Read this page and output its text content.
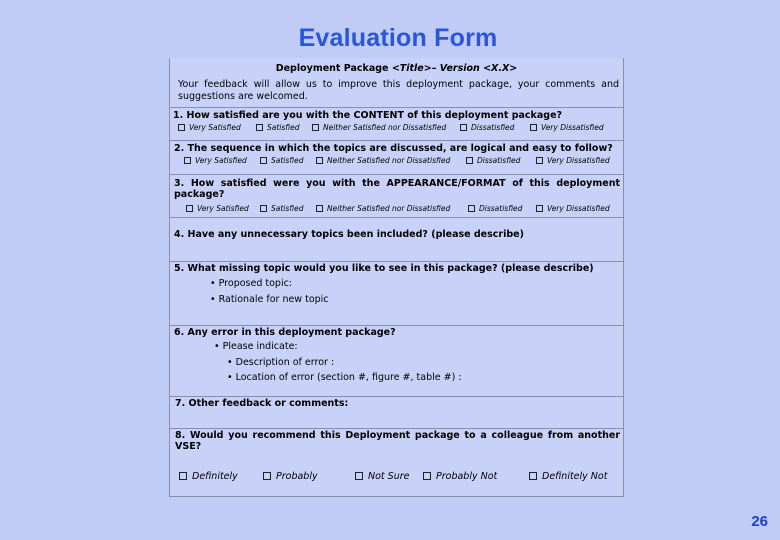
Evaluation Form
Deployment Package <Title>– Version <X.X>
Your feedback will allow us to improve this deployment package, your comments and suggestions are welcomed.
1. How satisfied are you with the CONTENT of this deployment package?
Very Satisfied	Satisfied	Neither Satisfied nor Dissatisfied	Dissatisfied	Very Dissatisfied
2. The sequence in which the topics are discussed, are logical and easy to follow?
Very Satisfied	Satisfied	Neither Satisfied nor Dissatisfied	Dissatisfied	Very Dissatisfied
3. How satisfied were you with the APPEARANCE/FORMAT of this deployment package?
Very Satisfied	Satisfied	Neither Satisfied nor Dissatisfied	Dissatisfied	Very Dissatisfied
4. Have any unnecessary topics been included? (please describe)
5. What missing topic would you like to see in this package? (please describe)
• Proposed topic:
• Rationale for new topic
6. Any error in this deployment package?
• Please indicate:
• Description of error :
• Location of error (section #, figure #, table #) :
7. Other feedback or comments:
8. Would you recommend this Deployment package to a colleague from another VSE?
Definitely	Probably	Not Sure	Probably Not	Definitely Not
26
